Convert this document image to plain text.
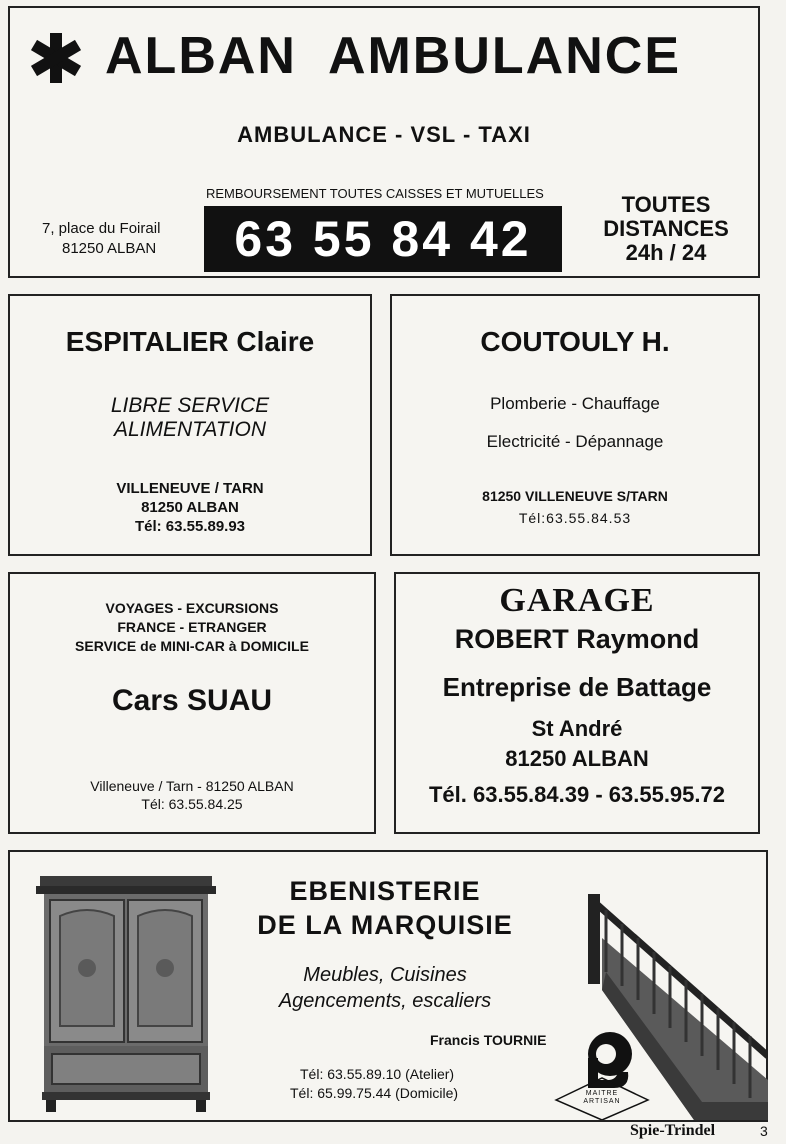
ALBAN  AMBULANCE
AMBULANCE - VSL - TAXI
REMBOURSEMENT TOUTES CAISSES ET MUTUELLES
7, place du Foirail
81250 ALBAN	63 55 84 42
TOUTES
DISTANCES
24h / 24
ESPITALIER Claire
LIBRE SERVICE
ALIMENTATION
VILLENEUVE / TARN
81250 ALBAN
Tél: 63.55.89.93
COUTOULY H.
Plomberie - Chauffage
Electricité - Dépannage
81250 VILLENEUVE S/TARN
Tél:63.55.84.53
VOYAGES - EXCURSIONS
FRANCE - ETRANGER
SERVICE de MINI-CAR à DOMICILE
Cars SUAU
Villeneuve / Tarn - 81250 ALBAN
Tél: 63.55.84.25
GARAGE
ROBERT Raymond
Entreprise de Battage
St André
81250 ALBAN
Tél. 63.55.84.39 - 63.55.95.72
EBENISTERIE
DE LA MARQUISIE
Meubles, Cuisines
Agencements, escaliers
Francis TOURNIE
Tél: 63.55.89.10 (Atelier)
Tél: 65.99.75.44 (Domicile)	MAITRE
ARTISAN
Spie-Trindel	3
